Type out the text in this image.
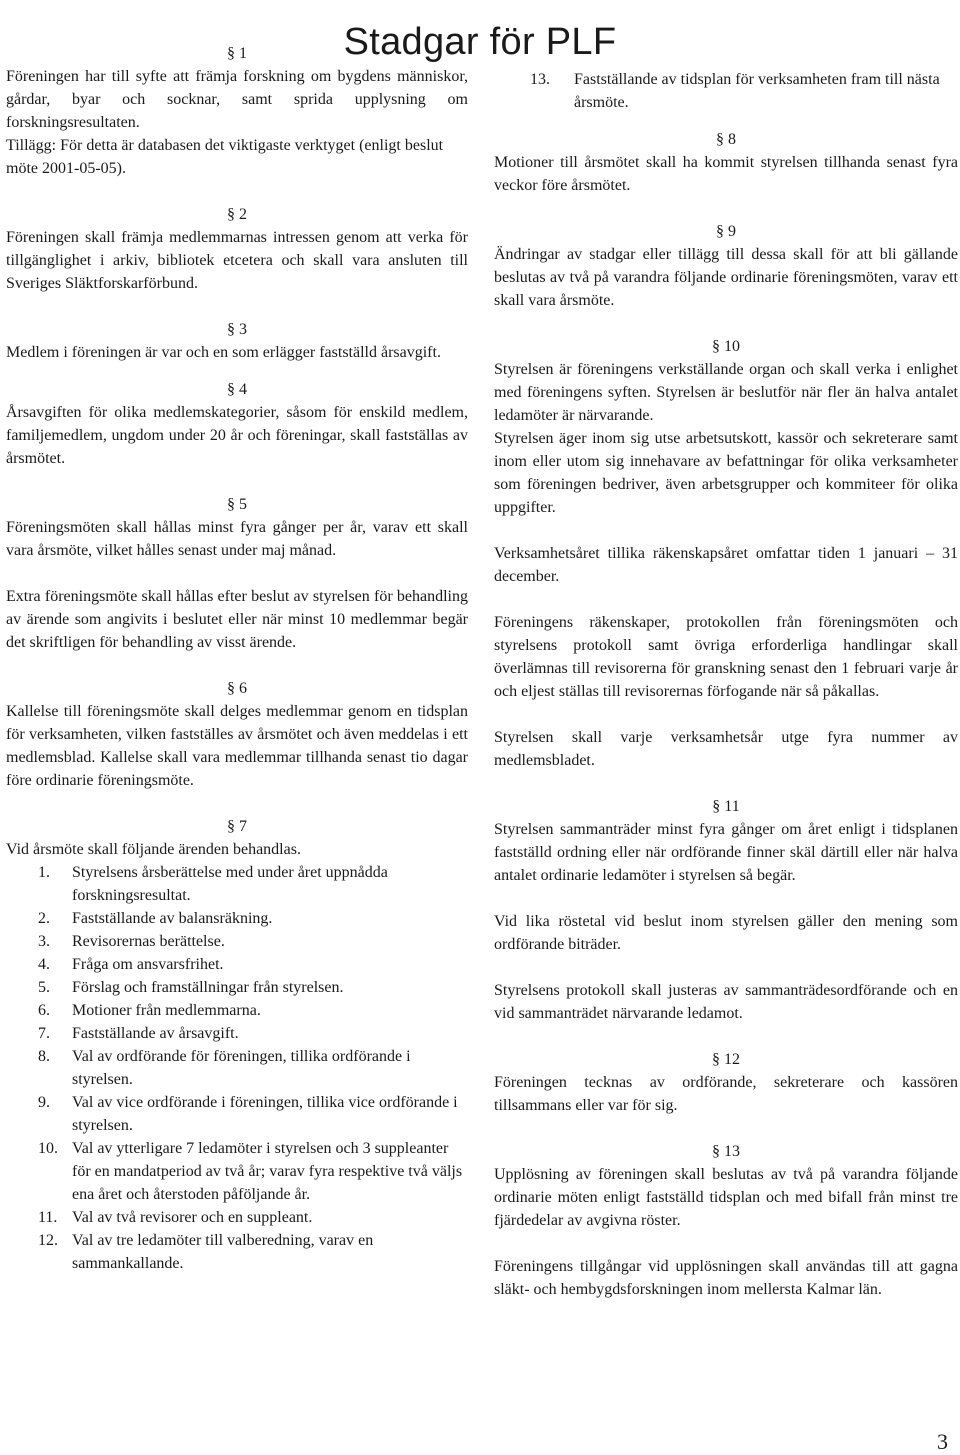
Stadgar för PLF
§ 1

Föreningen har till syfte att främja forskning om bygdens människor, gårdar, byar och socknar, samt sprida upplysning om forskningsresultaten.

Tillägg: För detta är databasen det viktigaste verktyget (enligt beslut möte 2001-05-05).

§ 2

Föreningen skall främja medlemmarnas intressen genom att verka för tillgänglighet i arkiv, bibliotek etcetera och skall vara ansluten till Sveriges Släktforskarförbund.

§ 3

Medlem i föreningen är var och en som erlägger fastställd årsavgift.

§ 4

Årsavgiften för olika medlemskategorier, såsom för enskild medlem, familjemedlem, ungdom under 20 år och föreningar, skall fastställas av årsmötet.

§ 5

Föreningsmöten skall hållas minst fyra gånger per år, varav ett skall vara årsmöte, vilket hålles senast under maj månad.

Extra föreningsmöte skall hållas efter beslut av styrelsen för behandling av ärende som angivits i beslutet eller när minst 10 medlemmar begär det skriftligen för behandling av visst ärende.

§ 6

Kallelse till föreningsmöte skall delges medlemmar genom en tidsplan för verksamheten, vilken fastställes av årsmötet och även meddelas i ett medlemsblad. Kallelse skall vara medlemmar tillhanda senast tio dagar före ordinarie föreningsmöte.

§ 7

Vid årsmöte skall följande ärenden behandlas.

1. Styrelsens årsberättelse med under året uppnådda forskningsresultat.
2. Fastställande av balansräkning.
3. Revisorernas berättelse.
4. Fråga om ansvarsfrihet.
5. Förslag och framställningar från styrelsen.
6. Motioner från medlemmarna.
7. Fastställande av årsavgift.
8. Val av ordförande för föreningen, tillika ordförande i styrelsen.
9. Val av vice ordförande i föreningen, tillika vice ordförande i styrelsen.
10. Val av ytterligare 7 ledamöter i styrelsen och 3 suppleanter för en mandatperiod av två år; varav fyra respektive två väljs ena året och återstoden påföljande år.
11. Val av två revisorer och en suppleant.
12. Val av tre ledamöter till valberedning, varav en sammankallande.
13. Fastställande av tidsplan för verksamheten fram till nästa årsmöte.
§ 8

Motioner till årsmötet skall ha kommit styrelsen tillhanda senast fyra veckor före årsmötet.

§ 9

Ändringar av stadgar eller tillägg till dessa skall för att bli gällande beslutas av två på varandra följande ordinarie föreningsmöten, varav ett skall vara årsmöte.

§ 10

Styrelsen är föreningens verkställande organ och skall verka i enlighet med föreningens syften. Styrelsen är beslutför när fler än halva antalet ledamöter är närvarande.

Styrelsen äger inom sig utse arbetsutskott, kassör och sekreterare samt inom eller utom sig innehavare av befattningar för olika verksamheter som föreningen bedriver, även arbetsgrupper och kommiteer för olika uppgifter.

Verksamhetsåret tillika räkenskapsåret omfattar tiden 1 januari – 31 december.

Föreningens räkenskaper, protokollen från föreningsmöten och styrelsens protokoll samt övriga erforderliga handlingar skall överlämnas till revisorerna för granskning senast den 1 februari varje år och eljest ställas till revisorernas förfogande när så påkallas.

Styrelsen skall varje verksamhetsår utge fyra nummer av medlemsbladet.

§ 11

Styrelsen sammanträder minst fyra gånger om året enligt i tidsplanen fastställd ordning eller när ordförande finner skäl därtill eller när halva antalet ordinarie ledamöter i styrelsen så begär.

Vid lika röstetal vid beslut inom styrelsen gäller den mening som ordförande biträder.

Styrelsens protokoll skall justeras av sammanträdesordförande och en vid sammanträdet närvarande ledamot.

§ 12

Föreningen tecknas av ordförande, sekreterare och kassören tillsammans eller var för sig.

§ 13

Upplösning av föreningen skall beslutas av två på varandra följande ordinarie möten enligt fastställd tidsplan och med bifall från minst tre fjärdedelar av avgivna röster.

Föreningens tillgångar vid upplösningen skall användas till att gagna släkt- och hembygdsforskningen inom mellersta Kalmar län.

3
